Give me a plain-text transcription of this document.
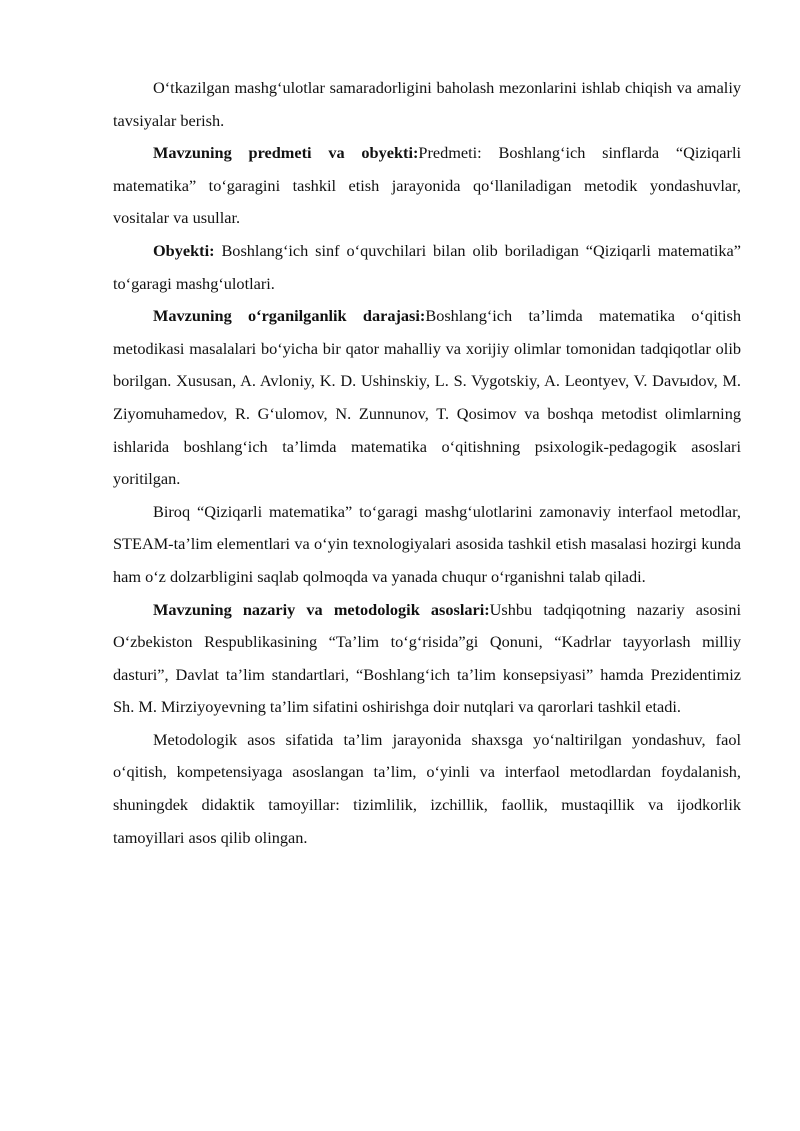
O‘tkazilgan mashg‘ulotlar samaradorligini baholash mezonlarini ishlab chiqish va amaliy tavsiyalar berish.

Mavzuning predmeti va obyekti:Predmeti: Boshlang‘ich sinflarda “Qiziqarli matematika” to‘garagini tashkil etish jarayonida qo‘llaniladigan metodik yondashuvlar, vositalar va usullar.

Obyekti: Boshlang‘ich sinf o‘quvchilari bilan olib boriladigan “Qiziqarli matematika” to‘garagi mashg‘ulotlari.

Mavzuning o‘rganilganlik darajasi:Boshlang‘ich ta’limda matematika o‘qitish metodikasi masalalari bo‘yicha bir qator mahalliy va xorijiy olimlar tomonidan tadqiqotlar olib borilgan. Xususan, A. Avloniy, K. D. Ushinskiy, L. S. Vygotskiy, A. Leontyev, V. Davыdov, M. Ziyomuhamedov, R. G‘ulomov, N. Zunnunov, T. Qosimov va boshqa metodist olimlarning ishlarida boshlang‘ich ta’limda matematika o‘qitishning psixologik-pedagogik asoslari yoritilgan.

Biroq “Qiziqarli matematika” to‘garagi mashg‘ulotlarini zamonaviy interfaol metodlar, STEAM-ta’lim elementlari va o‘yin texnologiyalari asosida tashkil etish masalasi hozirgi kunda ham o‘z dolzarbligini saqlab qolmoqda va yanada chuqur o‘rganishni talab qiladi.

Mavzuning nazariy va metodologik asoslari:Ushbu tadqiqotning nazariy asosini O‘zbekiston Respublikasining “Ta’lim to‘g‘risida”gi Qonuni, “Kadrlar tayyorlash milliy dasturi”, Davlat ta’lim standartlari, “Boshlang‘ich ta’lim konsepsiyasi” hamda Prezidentimiz Sh. M. Mirziyoyevning ta’lim sifatini oshirishga doir nutqlari va qarorlari tashkil etadi.

Metodologik asos sifatida ta’lim jarayonida shaxsga yo‘naltirilgan yondashuv, faol o‘qitish, kompetensiyaga asoslangan ta’lim, o‘yinli va interfaol metodlardan foydalanish, shuningdek didaktik tamoyillar: tizimlilik, izchillik, faollik, mustaqillik va ijodkorlik tamoyillari asos qilib olingan.
